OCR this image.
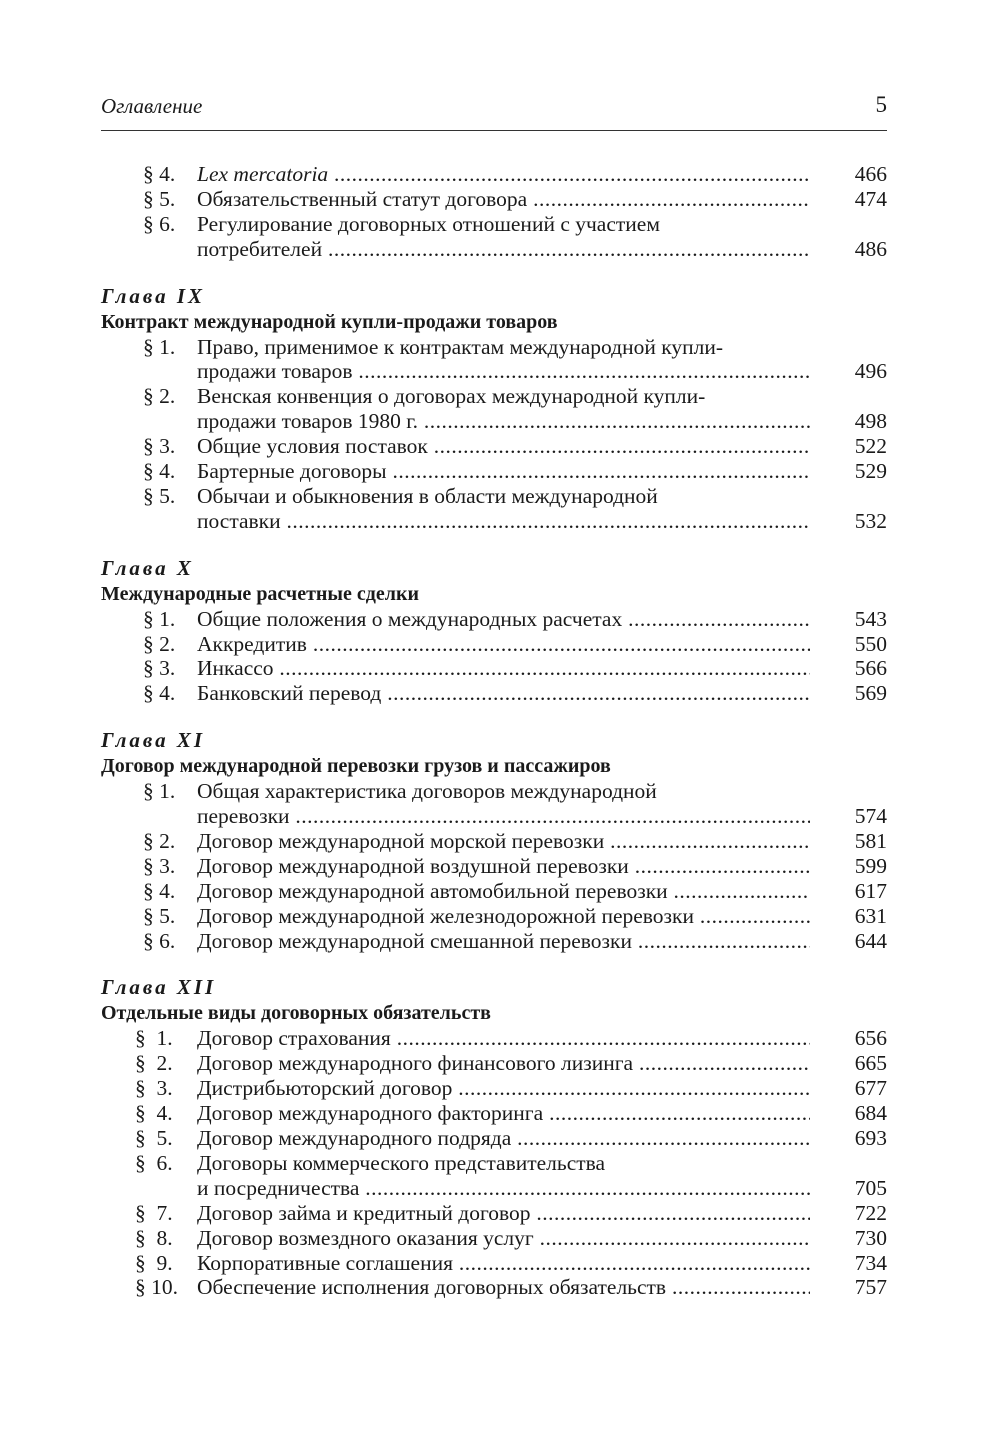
Оглавление	5
§ 4. Lex mercatoria .....	466
§ 5. Обязательственный статут договора .....	474
§ 6. Регулирование договорных отношений с участием
потребителей .....	486
Глава IX
Контракт международной купли-продажи товаров
§ 1. Право, применимое к контрактам международной купли-
продажи товаров .....	496
§ 2. Венская конвенция о договорах международной купли-
продажи товаров 1980 г. .....	498
§ 3. Общие условия поставок .....	522
§ 4. Бартерные договоры .....	529
§ 5. Обычаи и обыкновения в области международной
поставки .....	532
Глава X
Международные расчетные сделки
§ 1. Общие положения о международных расчетах .....	543
§ 2. Аккредитив .....	550
§ 3. Инкассо .....	566
§ 4. Банковский перевод .....	569
Глава XI
Договор международной перевозки грузов и пассажиров
§ 1. Общая характеристика договоров международной
перевозки .....	574
§ 2. Договор международной морской перевозки .....	581
§ 3. Договор международной воздушной перевозки .....	599
§ 4. Договор международной автомобильной перевозки .....	617
§ 5. Договор международной железнодорожной перевозки .....	631
§ 6. Договор международной смешанной перевозки .....	644
Глава XII
Отдельные виды договорных обязательств
§  1. Договор страхования .....	656
§  2. Договор международного финансового лизинга .....	665
§  3. Дистрибьюторский договор .....	677
§  4. Договор международного факторинга .....	684
§  5. Договор международного подряда .....	693
§  6. Договоры коммерческого представительства
и посредничества .....	705
§  7. Договор займа и кредитный договор .....	722
§  8. Договор возмездного оказания услуг .....	730
§  9. Корпоративные соглашения .....	734
§ 10. Обеспечение исполнения договорных обязательств .....	757
